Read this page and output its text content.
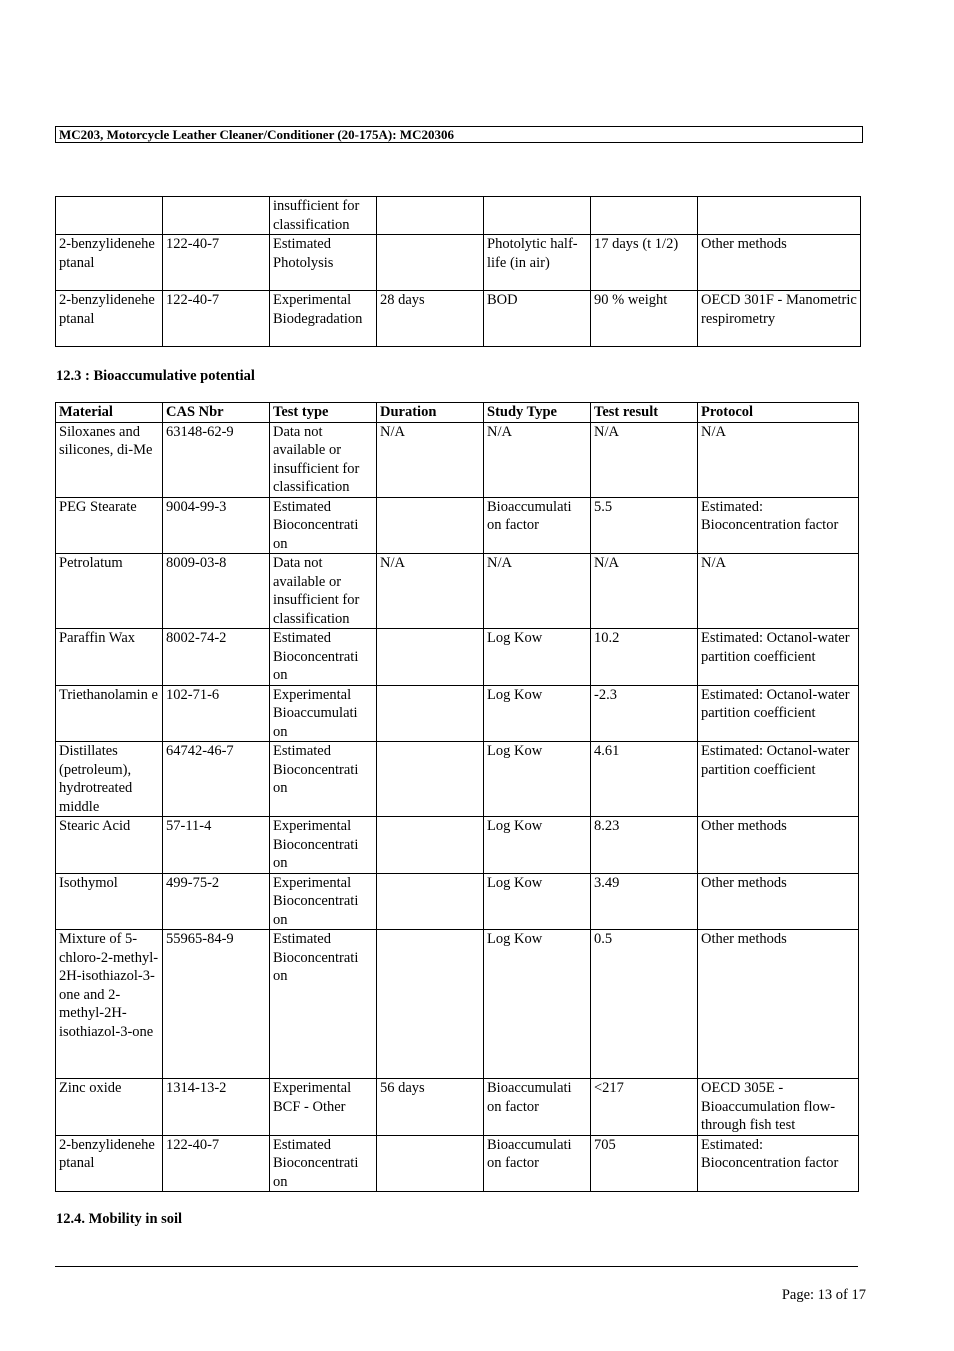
MC203, Motorcycle Leather Cleaner/Conditioner (20-175A): MC20306
		insufficient for classification				
2-benzylidenehe ptanal	122-40-7	Estimated Photolysis		Photolytic half-life (in air)	17 days (t 1/2)	Other methods
2-benzylidenehe ptanal	122-40-7	Experimental Biodegradation	28 days	BOD	90 % weight	OECD 301F - Manometric respirometry
12.3 : Bioaccumulative potential
Material	CAS Nbr	Test type	Duration	Study Type	Test result	Protocol
Siloxanes and silicones, di-Me	63148-62-9	Data not available or insufficient for classification	N/A	N/A	N/A	N/A
PEG Stearate	9004-99-3	Estimated Bioconcentrati on		Bioaccumulati on factor	5.5	Estimated: Bioconcentration factor
Petrolatum	8009-03-8	Data not available or insufficient for classification	N/A	N/A	N/A	N/A
Paraffin Wax	8002-74-2	Estimated Bioconcentrati on		Log Kow	10.2	Estimated: Octanol-water partition coefficient
Triethanolamin e	102-71-6	Experimental Bioaccumulati on		Log Kow	-2.3	Estimated: Octanol-water partition coefficient
Distillates (petroleum), hydrotreated middle	64742-46-7	Estimated Bioconcentrati on		Log Kow	4.61	Estimated: Octanol-water partition coefficient
Stearic Acid	57-11-4	Experimental Bioconcentrati on		Log Kow	8.23	Other methods
Isothymol	499-75-2	Experimental Bioconcentrati on		Log Kow	3.49	Other methods
Mixture of 5-chloro-2-methyl-2H-isothiazol-3-one and 2-methyl-2H-isothiazol-3-one	55965-84-9	Estimated Bioconcentrati on		Log Kow	0.5	Other methods
Zinc oxide	1314-13-2	Experimental BCF - Other	56 days	Bioaccumulati on factor	<217	OECD 305E - Bioaccumulation flow-through fish test
2-benzylidenehe ptanal	122-40-7	Estimated Bioconcentrati on		Bioaccumulati on factor	705	Estimated: Bioconcentration factor
12.4. Mobility in soil
Page: 13 of 17
